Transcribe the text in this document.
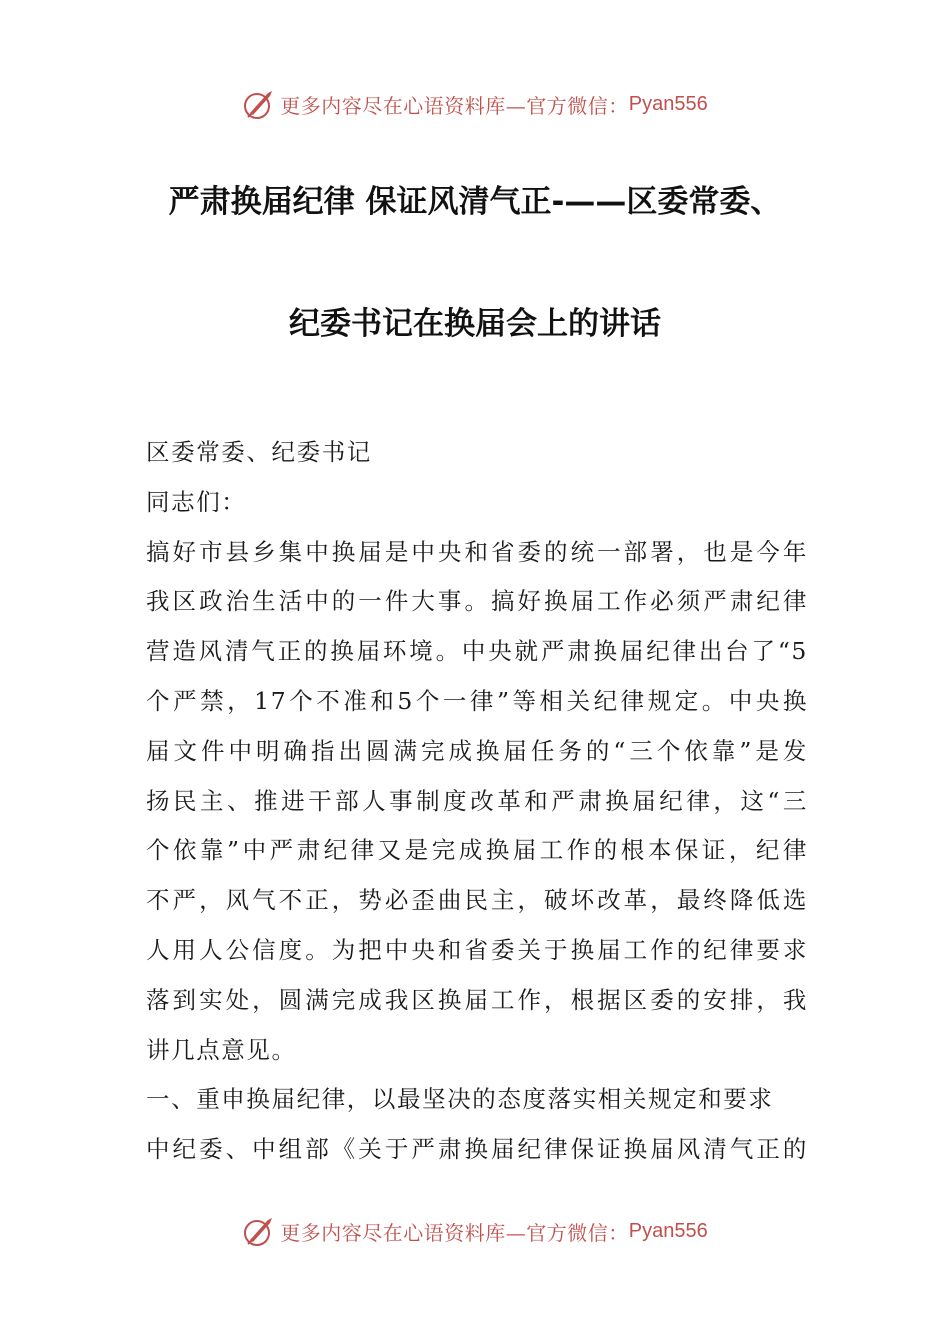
更多内容尽在心语资料库—官方微信： Pyan556
严肃换届纪律 保证风清气正-——区委常委、
纪委书记在换届会上的讲话
区委常委、纪委书记
同志们：
搞好市县乡集中换届是中央和省委的统一部署，也是今年
我区政治生活中的一件大事。搞好换届工作必须严肃纪律
营造风清气正的换届环境。中央就严肃换届纪律出台了“5
个严禁，17个不准和5个一律”等相关纪律规定。中央换
届文件中明确指出圆满完成换届任务的“三个依靠”是发
扬民主、推进干部人事制度改革和严肃换届纪律，这“三
个依靠”中严肃纪律又是完成换届工作的根本保证，纪律
不严，风气不正，势必歪曲民主，破坏改革，最终降低选
人用人公信度。为把中央和省委关于换届工作的纪律要求
落到实处，圆满完成我区换届工作，根据区委的安排，我
讲几点意见。
一、重申换届纪律，以最坚决的态度落实相关规定和要求
中纪委、中组部《关于严肃换届纪律保证换届风清气正的
更多内容尽在心语资料库—官方微信： Pyan556
